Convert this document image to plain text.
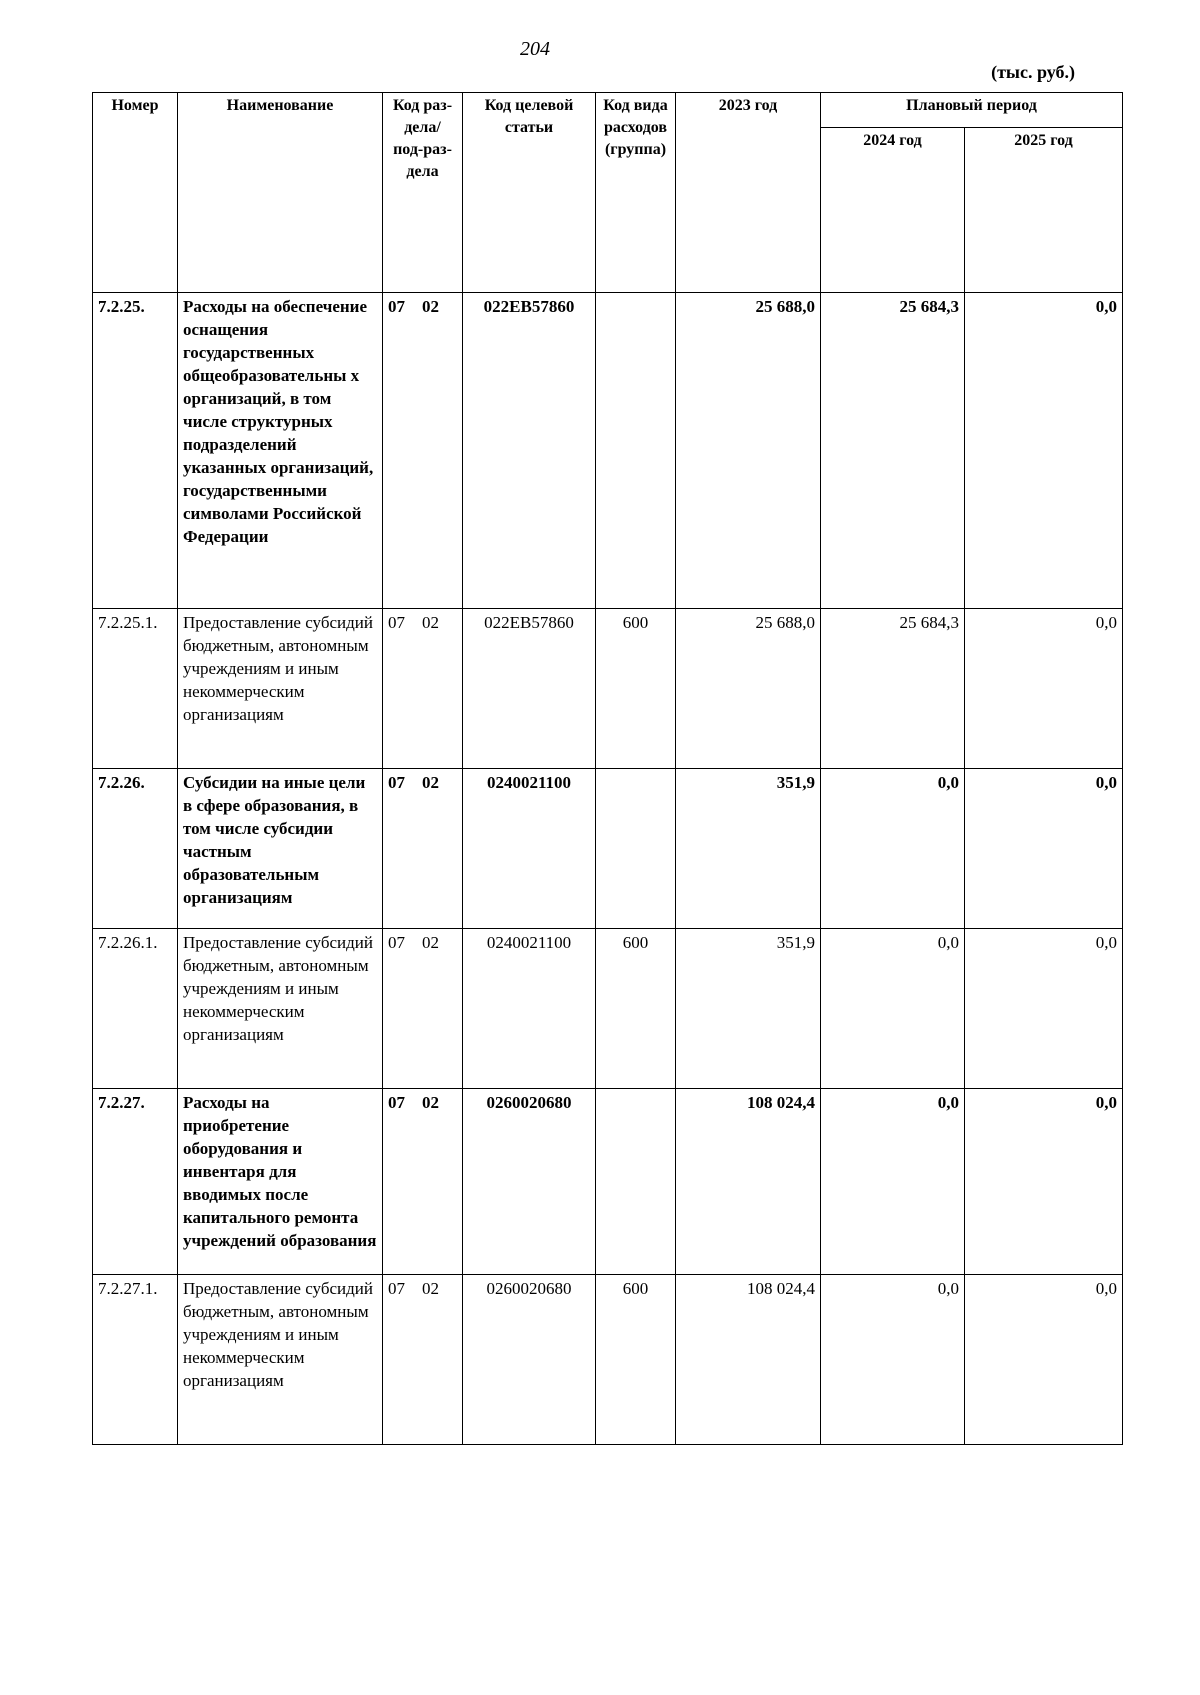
204
(тыс. руб.)
Номер	Наименование	Код раз-дела/ под-раз-дела	Код целевой статьи	Код вида расходов (группа)	2023 год	Плановый период	
						2024 год	2025 год
7.2.25.	Расходы на обеспечение оснащения государственных общеобразовательны х организаций, в том числе структурных подразделений указанных организаций, государственными символами Российской Федерации	07 02	022ЕВ57860		25 688,0	25 684,3	0,0
7.2.25.1.	Предоставление субсидий бюджетным, автономным учреждениям и иным некоммерческим организациям	07 02	022ЕВ57860	600	25 688,0	25 684,3	0,0
7.2.26.	Субсидии на иные цели в сфере образования, в том числе субсидии частным образовательным организациям	07 02	0240021100		351,9	0,0	0,0
7.2.26.1.	Предоставление субсидий бюджетным, автономным учреждениям и иным некоммерческим организациям	07 02	0240021100	600	351,9	0,0	0,0
7.2.27.	Расходы на приобретение оборудования и инвентаря для вводимых после капитального ремонта учреждений образования	07 02	0260020680		108 024,4	0,0	0,0
7.2.27.1.	Предоставление субсидий бюджетным, автономным учреждениям и иным некоммерческим организациям	07 02	0260020680	600	108 024,4	0,0	0,0
